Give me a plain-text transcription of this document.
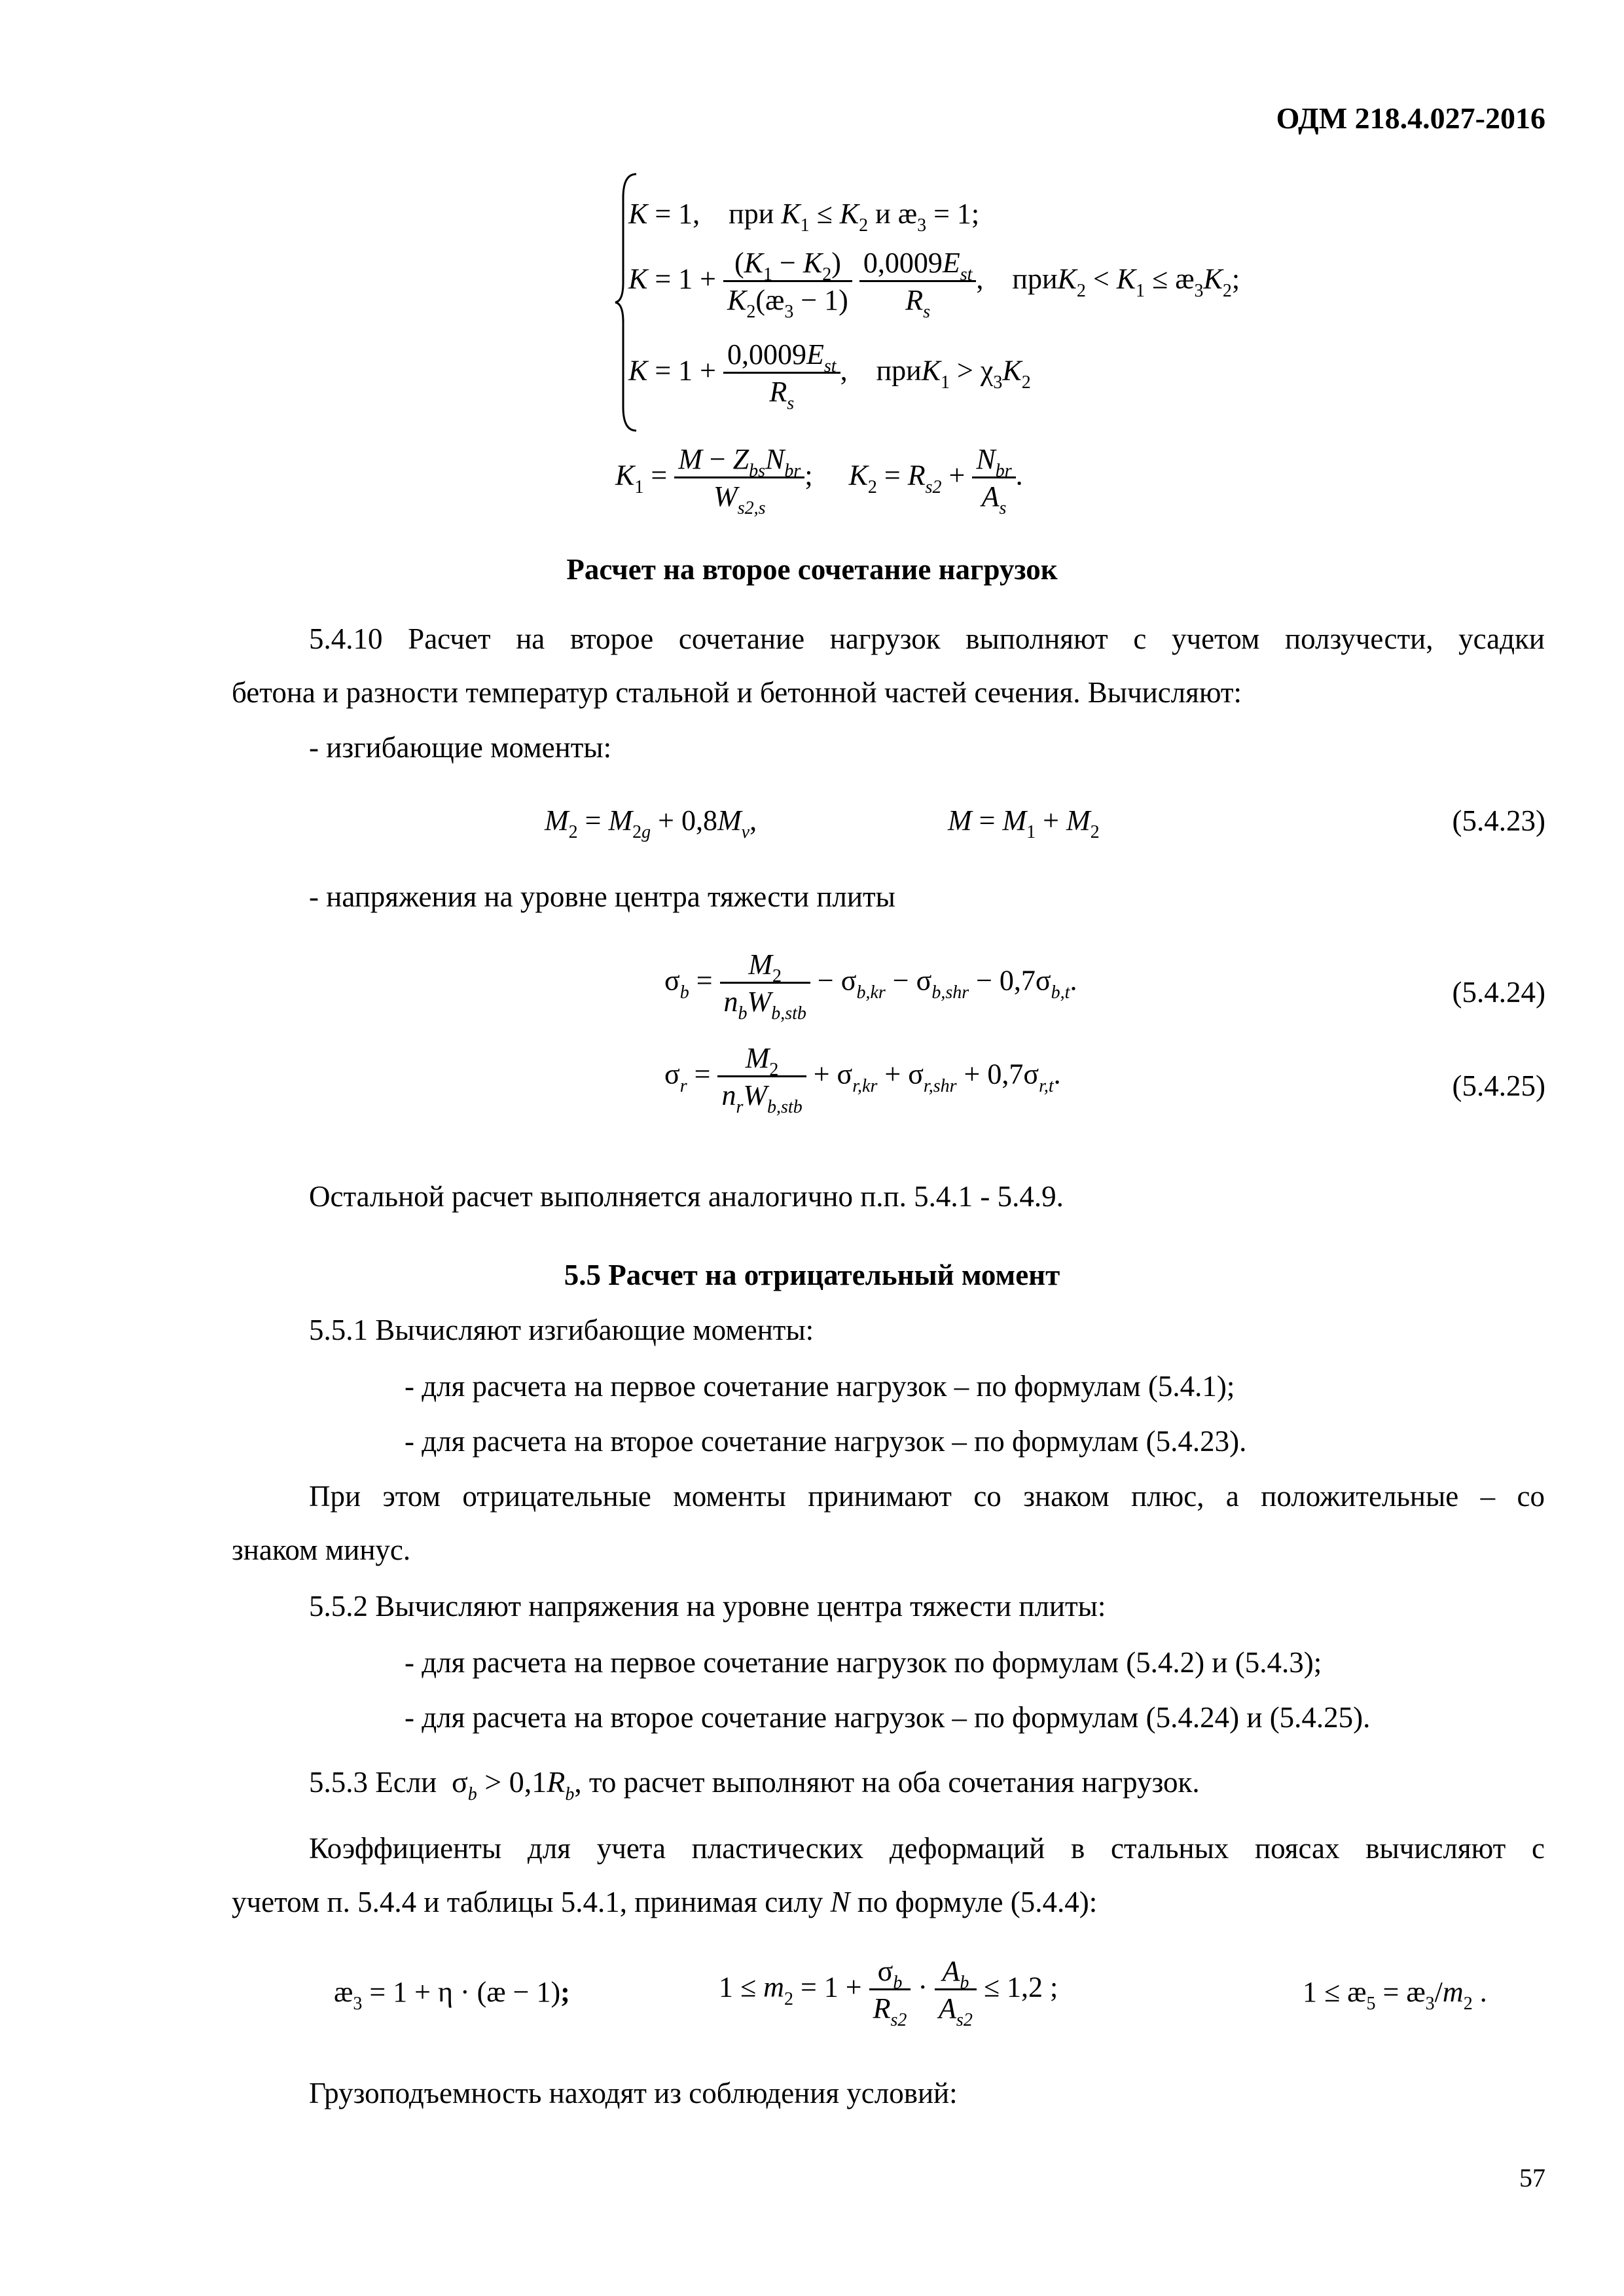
ОДМ 218.4.027-2016
K = 1,    при $K_1 \le K_2$ и $æ_3 = 1$;
$K = 1 + \frac{(K_1 - K_2)}{K_2(æ_3 - 1)}$
$\frac{0,0009E_{st}}{R_s}$ ,    приK$_2$ < $K_1$ ≤ $æ_3K_2$;
$K = 1 + \frac{0,0009E_{st}}{R_s}$ ,    приK$_1$ > $\chi_3K_2$
$K_1 = \frac{M - Z_{bs}N_{br}}{W_{s2,s}}$ ;     $K_2 = R_{s2} + \frac{N_{br}}{A_s}$ .
Расчет на второе сочетание нагрузок
5.4.10 Расчет на второе сочетание нагрузок выполняют с учетом ползучести, усадки
бетона и разности температур стальной и бетонной частей сечения. Вычисляют:
- изгибающие моменты:
$M_2 = M_{2g} + 0,8M_v$,	$M = M_1 + M_2$	(5.4.23)
- напряжения на уровне центра тяжести плиты
$\sigma_b = \frac{M_2}{n_bW_{b,stb}} - \sigma_{b,kr} - \sigma_{b,shr} - 0,7\sigma_{b,t}$.	(5.4.24)
$\sigma_r = \frac{M_2}{n_rW_{b,stb}} + \sigma_{r,kr} + \sigma_{r,shr} + 0,7\sigma_{r,t}$.	(5.4.25)
Остальной расчет выполняется аналогично п.п. 5.4.1 - 5.4.9.
5.5 Расчет на отрицательный момент
5.5.1 Вычисляют изгибающие моменты:
- для расчета на первое сочетание нагрузок – по формулам (5.4.1);
- для расчета на второе сочетание нагрузок – по формулам (5.4.23).
При этом отрицательные моменты принимают со знаком плюс, а положительные – со
знаком минус.
5.5.2 Вычисляют напряжения на уровне центра тяжести плиты:
- для расчета на первое сочетание нагрузок по формулам (5.4.2) и (5.4.3);
- для расчета на второе сочетание нагрузок – по формулам (5.4.24) и (5.4.25).
5.5.3 Если  $\sigma_b > 0,1R_b$, то расчет выполняют на оба сочетания нагрузок.
Коэффициенты для учета пластических деформаций в стальных поясах вычисляют с
учетом п. 5.4.4 и таблицы 5.4.1, принимая силу N по формуле (5.4.4):
$æ_3 = 1 + \eta$ · (æ − 1);	$1 \le m_2 = 1 + \frac{\sigma_b}{R_{s2}} \cdot \frac{A_b}{A_{s2}} \le 1,2$ ;	$1 \le æ_5$ = $æ_3/m_2$ .
Грузоподъемность находят из соблюдения условий:
57
